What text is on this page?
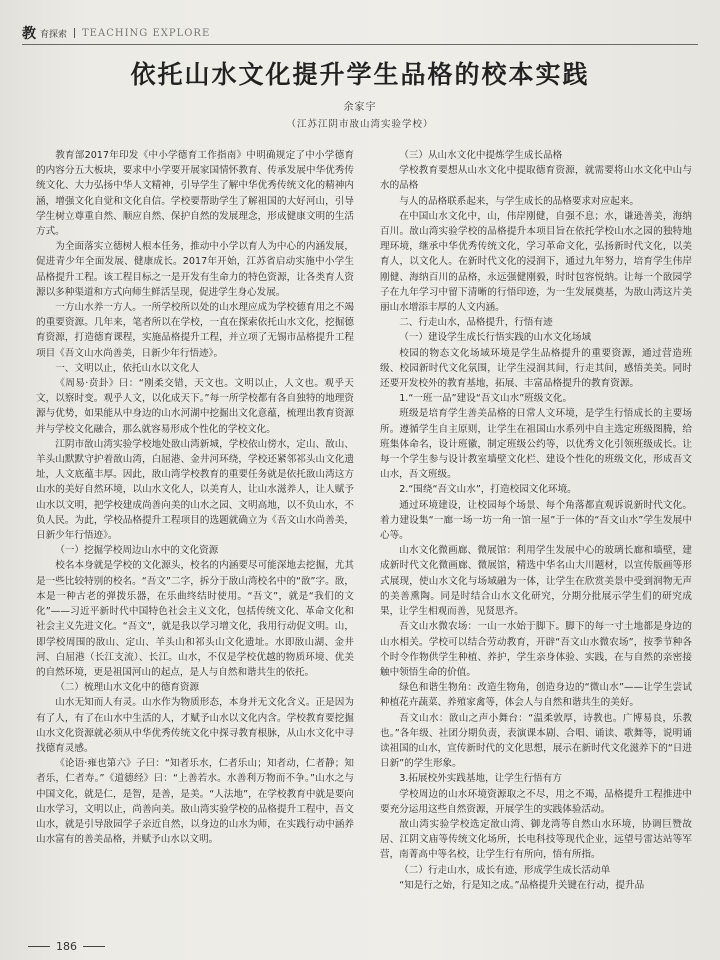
教 育探索 TEACHING EXPLORE
依托山水文化提升学生品格的校本实践
余家宇
（江苏江阴市敔山湾实验学校）

教育部2017年印发《中小学德育工作指南》中明确规定了中小学德育的内容分五大板块，要求中小学要开展家国情怀教育、传承发展中华优秀传统文化、大力弘扬中华人文精神，引导学生了解中华优秀传统文化的精神内涵，增强文化自觉和文化自信。学校要帮助学生了解祖国的大好河山，引导学生树立尊重自然、顺应自然、保护自然的发展理念，形成健康文明的生活方式。

为全面落实立德树人根本任务，推动中小学以育人为中心的内涵发展，促进青少年全面发展、健康成长。2017年开始，江苏省启动实施中小学生品格提升工程。该工程目标之一是开发有生命力的特色资源，让各类育人资源以多种渠道和方式向师生鲜活呈现，促进学生身心发展。

一方山水养一方人。一所学校所以处的山水理应成为学校德育用之不竭的重要资源。几年来，笔者所以在学校，一直在探索依托山水文化，挖掘德育资源，打造德育课程，实施品格提升工程，并立项了无锡市品格提升工程项目《吾文山水尚善美，日新少年行悟迹》。

一、文明以止，依托山水以文化人

《周易·贲卦》曰：“刚柔交错，天文也。文明以止，人文也。观乎天文，以察时变。观乎人文，以化成天下。”每一所学校都有各自独特的地理资源与优势，如果能从中身边的山水河湖中挖掘出文化意蕴，梳理出教育资源并与学校文化融合，那么就容易形成个性化的学校文化。

江阴市敔山湾实验学校地处敔山湾新城，学校依山傍水，定山、敔山、羊头山默默守护着敔山湾，白屈港、金井河环绕，学校还紧邻祁头山文化遗址，人文底蕴丰厚。因此，敔山湾学校教育的重要任务就是依托敔山湾这方山水的美好自然环境，以山水文化人，以美育人，让山水滋养人，让人赋予山水以文明，把学校建成尚善向美的山水之园、文明高地，以不负山水，不负人民。为此，学校品格提升工程项目的选题就确立为《吾文山水尚善美，日新少年行悟迹》。

（一）挖掘学校周边山水中的文化资源

校名本身就是学校的文化源头，校名的内涵要尽可能深地去挖掘，尤其是一些比较特别的校名。“吾文”二字，拆分于敔山湾校名中的“敔”字。敔，本是一种古老的弹拨乐器，在乐曲终结时使用。“吾文”，就是“我们的文化”——习近平新时代中国特色社会主义文化，包括传统文化、革命文化和社会主义先进文化。“吾文”，就是我以学习增文化，我用行动促文明。山，即学校周围的敔山、定山、羊头山和祁头山文化遗址。水即敔山湖、金井河、白屈港（长江支流）、长江。山水，不仅是学校优越的物质环境、优美的自然环境，更是祖国河山的起点，是人与自然和谐共生的依托。

（二）梳理山水文化中的德育资源

山水无知而人有灵。山水作为物质形态，本身并无文化含义。正是因为有了人，有了在山水中生活的人，才赋予山水以文化内含。学校教育要挖掘山水文化资源就必须从中华优秀传统文化中探寻教育根脉，从山水文化中寻找德育灵感。

《论语·雍也第六》子曰：“知者乐水，仁者乐山；知者动，仁者静；知者乐，仁者寿。”《道德经》曰：“上善若水。水善利万物而不争。”山水之与中国文化，就是仁，是智，是善，是美。“人法地”，在学校教育中就是要向山水学习，文明以止，尚善向美。敔山湾实验学校的品格提升工程中，吾文山水，就是引导敔园学子亲近自然，以身边的山水为师，在实践行动中涵养山水富有的善美品格，并赋予山水以文明。

（三）从山水文化中提炼学生成长品格

学校教育要想从山水文化中提取德育资源，就需要将山水文化中山与水的品格

与人的品格联系起来，与学生成长的品格要求对应起来。

在中国山水文化中，山，伟岸刚健，自强不息；水，谦逊善美，海纳百川。敔山湾实验学校的品格提升本项目旨在依托学校山水之园的独特地理环境，继承中华优秀传统文化，学习革命文化，弘扬新时代文化，以美育人，以文化人。在新时代文化的浸润下，通过九年努力，培育学生伟岸刚健、海纳百川的品格，永远强健刚毅，时时包容悦纳。让每一个敔园学子在九年学习中留下清晰的行悟印迹，为一生发展奠基，为敔山湾这片美丽山水增添丰厚的人文内涵。

二、行走山水，品格提升，行悟有迹

（一）建设学生成长行悟实践的山水文化场域

校园的物态文化场域环境是学生品格提升的重要资源，通过营造班级、校园新时代文化氛围，让学生浸润其间，行走其间，感悟美美。同时还要开发校外的教育基地，拓展、丰富品格提升的教育资源。

1.“一班一品”建设“吾文山水”班级文化。

班级是培育学生善美品格的日常人文环境，是学生行悟成长的主要场所。遵循学生自主原则，让学生在祖国山水系列中自主选定班级图腾，给班集体命名，设计班徽，制定班级公约等，以优秀文化引领班级成长。让每一个学生参与设计教室墙壁文化栏、建设个性化的班级文化，形成吾文山水，吾文班级。

2.“围绕“吾文山水”，打造校园文化环境。

通过环境建设，让校园每个场景、每个角落都直观诉说新时代文化。着力建设集“一廊一场一坊一角一馆一屋”于一体的“吾文山水”学生发展中心等。

山水文化微画廊、微展馆：利用学生发展中心的玻璃长廊和墙壁，建成新时代文化微画廊、微展馆，精选中华名山大川题材，以宣传版画等形式展现，使山水文化与场域融为一体，让学生在欣赏美景中受到润物无声的美善熏陶。同是时结合山水文化研究，分期分批展示学生们的研究成果，让学生相观而善，见贤思齐。

吾文山水微农场：一山一水始于脚下。脚下的每一寸土地都是身边的山水相关。学校可以结合劳动教育，开辟“吾文山水微农场”，按季节种各个时令作物供学生种植、养护，学生亲身体验、实践，在与自然的亲密接触中领悟生命的价值。

绿色和谐生物角：改造生物角，创造身边的“微山水”——让学生尝试种植花卉蔬菜、养殖家禽等，体会人与自然和谐共生的美好。

吾文山水：敔山之声小舞台：“温柔敦厚，诗教也。广博易良，乐教也。”各年级、社团分期负责，表演课本剧、合唱、诵读、歌舞等，说明诵读祖国的山水，宣传新时代的文化思想，展示在新时代文化滋养下的“日进日新”的学生形象。

3.拓展校外实践基地，让学生行悟有方

学校周边的山水环境资源取之不尽，用之不竭，品格提升工程推进中要充分运用这些自然资源，开展学生的实践体验活动。

敔山湾实验学校选定敔山湾、御龙湾等自然山水环境，协调巨赞故居、江阴文庙等传统文化场所，长电科技等现代企业，远望号雷达站等军营，南菁高中等名校，让学生行有所向，悟有所指。

（二）行走山水，成长有迹，形成学生成长活动单

“知是行之始，行是知之成。”品格提升关键在行动，提升品

186
